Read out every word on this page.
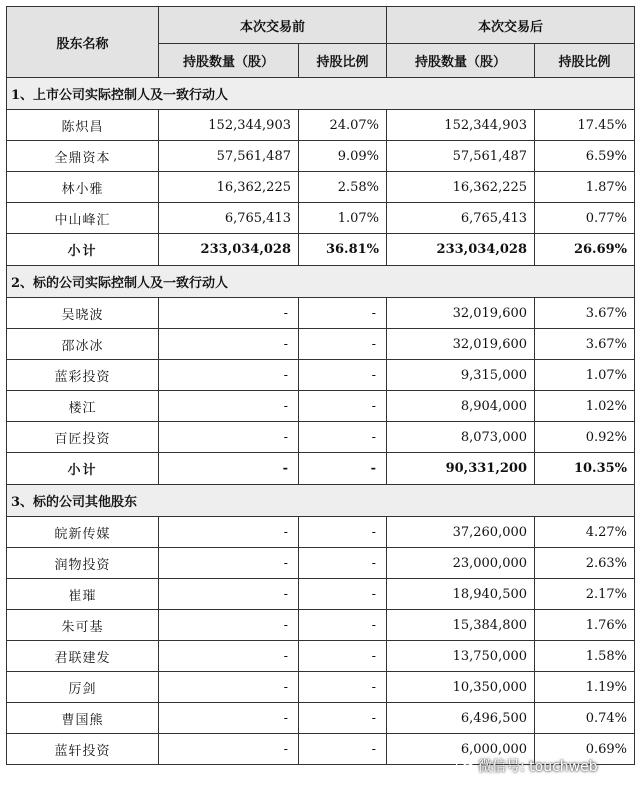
股东名称	本次交易前		本次交易后	
	持股数量（股）	持股比例	持股数量（股）	持股比例
1、上市公司实际控制人及一致行动人				
陈炽昌	152,344,903	24.07%	152,344,903	17.45%
全鼎资本	57,561,487	9.09%	57,561,487	6.59%
林小雅	16,362,225	2.58%	16,362,225	1.87%
中山峰汇	6,765,413	1.07%	6,765,413	0.77%
小计	233,034,028	36.81%	233,034,028	26.69%
2、标的公司实际控制人及一致行动人				
吴晓波	-	-	32,019,600	3.67%
邵冰冰	-	-	32,019,600	3.67%
蓝彩投资	-	-	9,315,000	1.07%
楼江	-	-	8,904,000	1.02%
百匠投资	-	-	8,073,000	0.92%
小计	-	-	90,331,200	10.35%
3、标的公司其他股东				
皖新传媒	-	-	37,260,000	4.27%
润物投资	-	-	23,000,000	2.63%
崔璀	-	-	18,940,500	2.17%
朱可基	-	-	15,384,800	1.76%
君联建发	-	-	13,750,000	1.58%
厉剑	-	-	10,350,000	1.19%
曹国熊	-	-	6,496,500	0.74%
蓝轩投资	-	-	6,000,000	0.69%
微信号: touchweb
